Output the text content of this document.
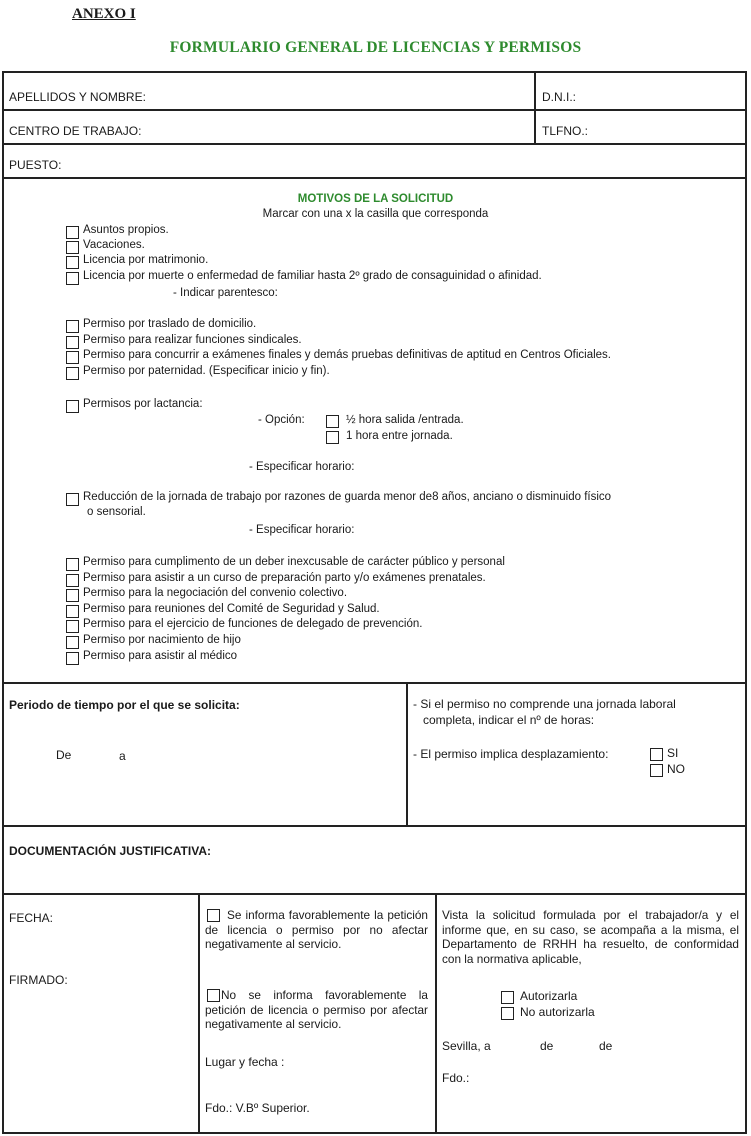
ANEXO I
FORMULARIO GENERAL DE LICENCIAS Y PERMISOS
APELLIDOS Y NOMBRE:	D.N.I.:
CENTRO DE TRABAJO:	TLFNO.:
PUESTO:
MOTIVOS DE LA SOLICITUD
Marcar con una x la casilla que corresponda
Asuntos propios.
Vacaciones.
Licencia por matrimonio.
Licencia por muerte o enfermedad de familiar hasta 2º grado de consaguinidad o afinidad.
- Indicar parentesco:
Permiso por traslado de domicilio.
Permiso para realizar funciones sindicales.
Permiso para concurrir a exámenes finales y demás pruebas definitivas de aptitud en Centros Oficiales.
Permiso por paternidad. (Especificar inicio y fin).
Permisos por lactancia:
- Opción:	½ hora salida /entrada.
1 hora entre jornada.
- Especificar horario:
Reducción de la jornada de trabajo por razones de guarda menor de8 años, anciano o disminuido físico
o sensorial.
- Especificar horario:
Permiso para cumplimento de un deber inexcusable de carácter público y personal
Permiso para asistir a un curso de preparación parto y/o exámenes prenatales.
Permiso para la negociación del convenio colectivo.
Permiso para reuniones del Comité de Seguridad y Salud.
Permiso para el ejercicio de funciones de delegado de prevención.
Permiso por nacimiento de hijo
Permiso para asistir al médico
Periodo de tiempo por el que se solicita:
De	a
- Si el permiso no comprende una jornada laboral
completa, indicar el nº de horas:
- El permiso implica desplazamiento:	SI
NO
DOCUMENTACIÓN JUSTIFICATIVA:
FECHA:
FIRMADO:
Se informa favorablemente la petición de licencia o permiso por no afectar negativamente al servicio.
No se informa favorablemente la petición de licencia o permiso por afectar negativamente al servicio.
Lugar y fecha :
Fdo.: V.Bº Superior.
Vista la solicitud formulada por el trabajador/a y el informe que, en su caso, se acompaña a la misma, el Departamento de RRHH ha resuelto, de conformidad con la normativa aplicable,
Autorizarla
No autorizarla
Sevilla, a	de	de
Fdo.:
